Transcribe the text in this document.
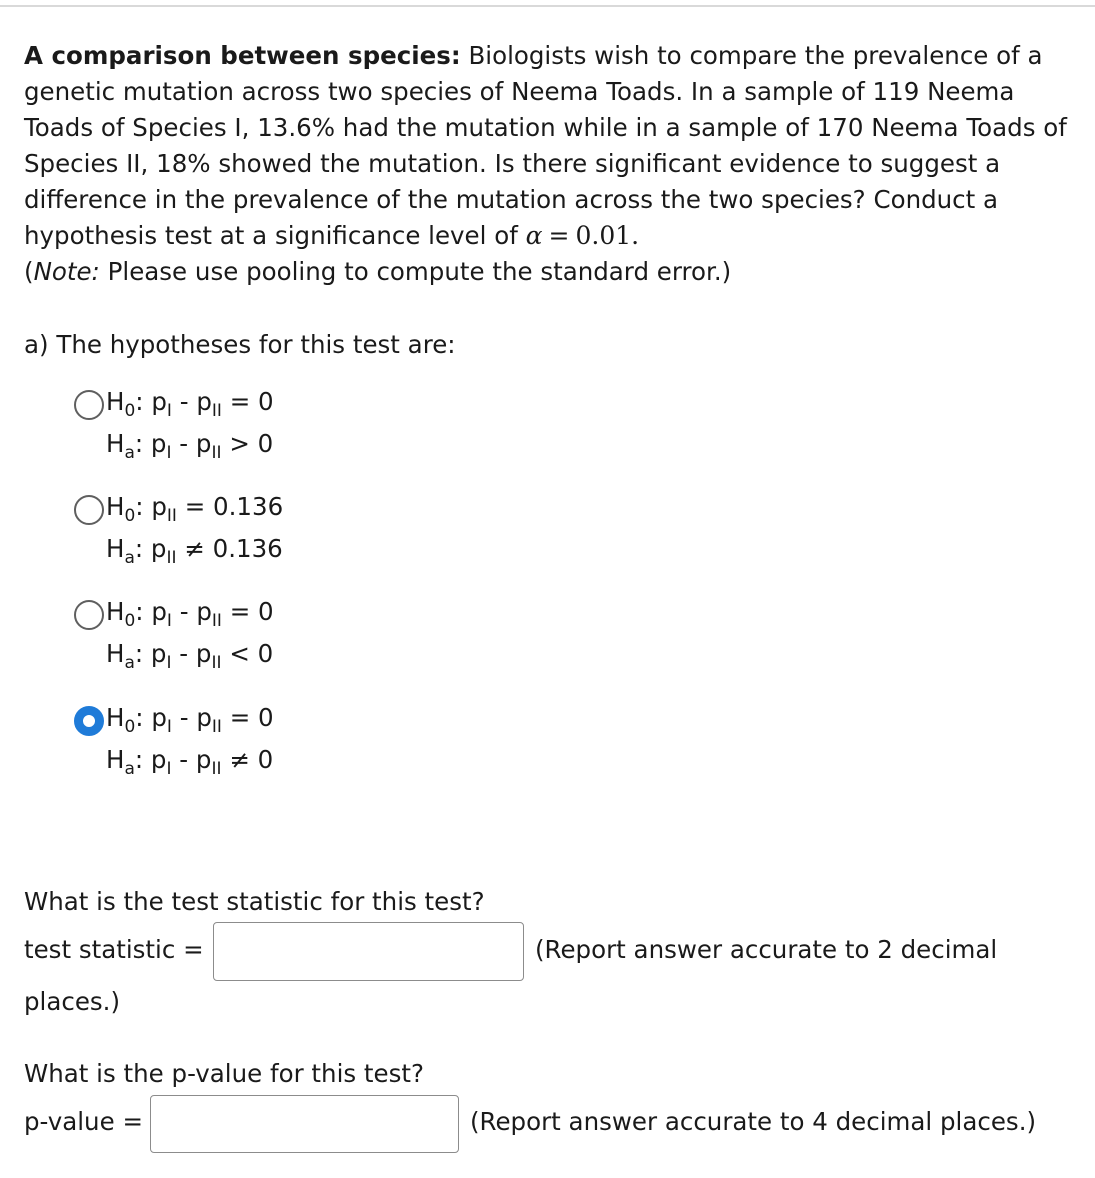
A comparison between species: Biologists wish to compare the prevalence of a genetic mutation across two species of Neema Toads. In a sample of 119 Neema Toads of Species I, 13.6% had the mutation while in a sample of 170 Neema Toads of Species II, 18% showed the mutation. Is there significant evidence to suggest a difference in the prevalence of the mutation across the two species? Conduct a hypothesis test at a significance level of α = 0.01.
(Note: Please use pooling to compute the standard error.)
a) The hypotheses for this test are:
$H_0$: $p_I - p_{II} = 0$
$H_a$: $p_I - p_{II} > 0$
$H_0$: $p_{II} = 0.136$
$H_a$: $p_{II} \ne 0.136$
$H_0$: $p_I - p_{II} = 0$
$H_a$: $p_I - p_{II} < 0$
$H_0$: $p_I - p_{II} = 0$
$H_a$: $p_I - p_{II} \ne 0$
What is the test statistic for this test?
test statistic =	(Report answer accurate to 2 decimal
places.)
What is the p-value for this test?
p-value =	(Report answer accurate to 4 decimal places.)
